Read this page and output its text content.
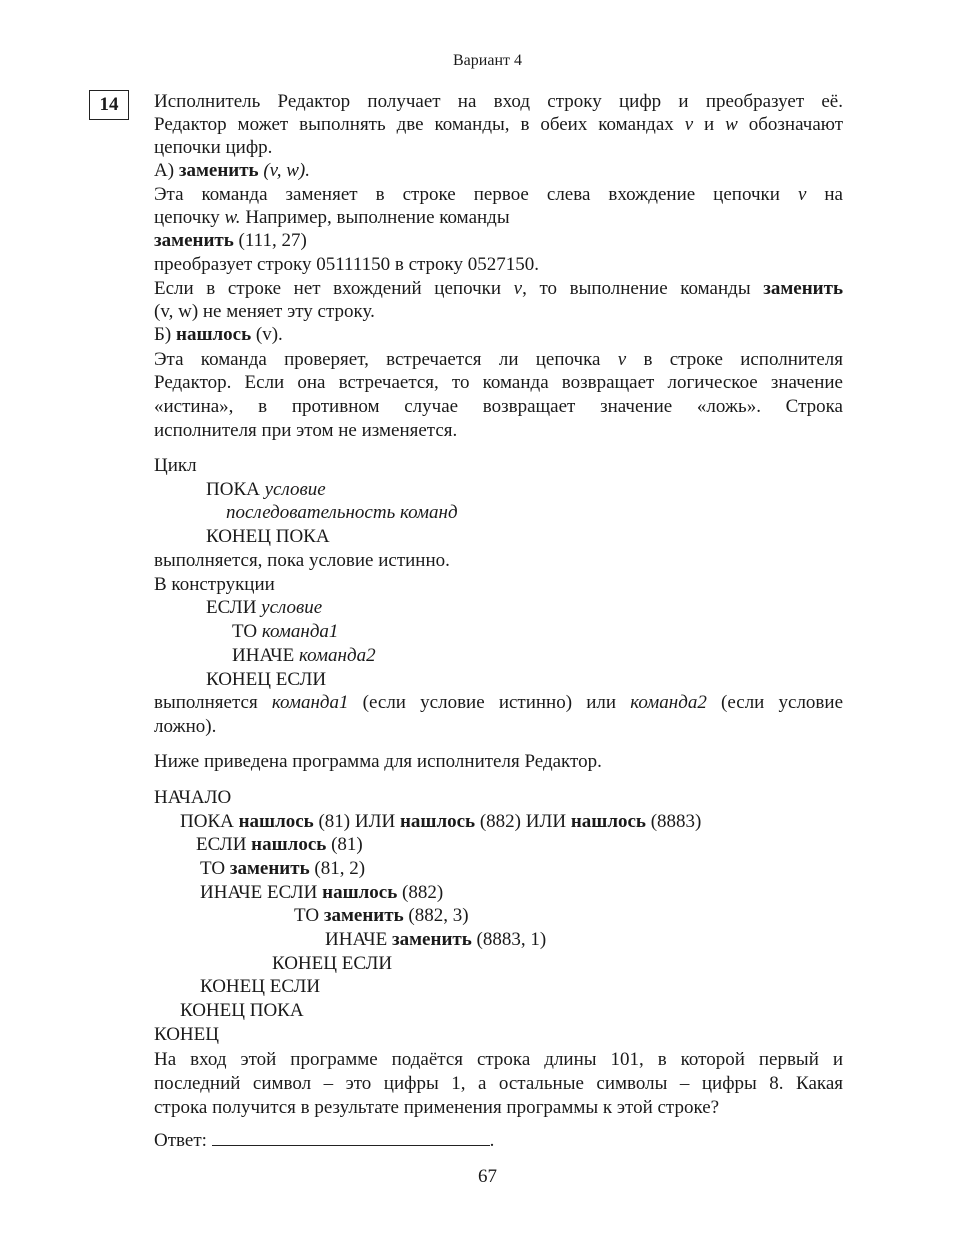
Вариант 4
14	Исполнитель Редактор получает на вход строку цифр и преобразует её.
Редактор может выполнять две команды, в обеих командах v и w обозначают
цепочки цифр.
А) заменить (v, w).
Эта команда заменяет в строке первое слева вхождение цепочки v на
цепочку w. Например, выполнение команды
заменить (111, 27)
преобразует строку 05111150 в строку 0527150.
Если в строке нет вхождений цепочки v, то выполнение команды заменить
(v, w) не меняет эту строку.
Б) нашлось (v).
Эта команда проверяет, встречается ли цепочка v в строке исполнителя
Редактор. Если она встречается, то команда возвращает логическое значение
«истина», в противном случае возвращает значение «ложь». Строка
исполнителя при этом не изменяется.
Цикл
ПОКА условие
последовательность команд
КОНЕЦ ПОКА
выполняется, пока условие истинно.
В конструкции
ЕСЛИ условие
ТО команда1
ИНАЧЕ команда2
КОНЕЦ ЕСЛИ
выполняется команда1 (если условие истинно) или команда2 (если условие
ложно).
Ниже приведена программа для исполнителя Редактор.
НАЧАЛО
ПОКА нашлось (81) ИЛИ нашлось (882) ИЛИ нашлось (8883)
ЕСЛИ нашлось (81)
ТО заменить (81, 2)
ИНАЧЕ ЕСЛИ нашлось (882)
ТО заменить (882, 3)
ИНАЧЕ заменить (8883, 1)
КОНЕЦ ЕСЛИ
КОНЕЦ ЕСЛИ
КОНЕЦ ПОКА
КОНЕЦ
На вход этой программе подаётся строка длины 101, в которой первый и
последний символ – это цифры 1, а остальные символы – цифры 8. Какая
строка получится в результате применения программы к этой строке?
Ответ:	.
67
